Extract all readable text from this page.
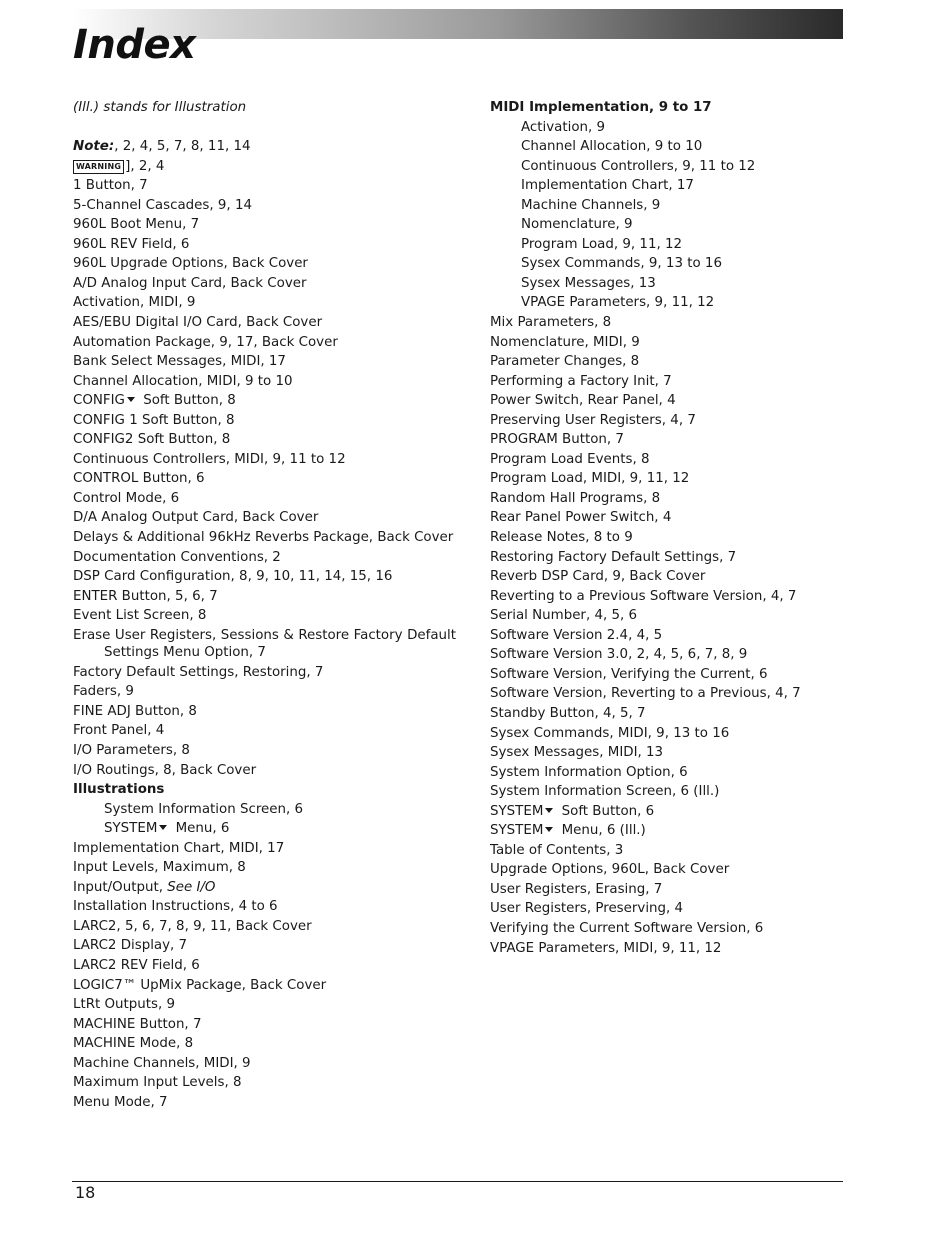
Index
(Ill.) stands for Illustration
Note:, 2, 4, 5, 7, 8, 11, 14
WARNING ], 2, 4
1 Button, 7
5-Channel Cascades, 9, 14
960L Boot Menu, 7
960L REV Field, 6
960L Upgrade Options, Back Cover
A/D Analog Input Card, Back Cover
Activation, MIDI, 9
AES/EBU Digital I/O Card, Back Cover
Automation Package, 9, 17, Back Cover
Bank Select Messages, MIDI, 17
Channel Allocation, MIDI, 9 to 10
CONFIG Soft Button, 8
CONFIG 1 Soft Button, 8
CONFIG2 Soft Button, 8
Continuous Controllers, MIDI, 9, 11 to 12
CONTROL Button, 6
Control Mode, 6
D/A Analog Output Card, Back Cover
Delays & Additional 96kHz Reverbs Package, Back Cover
Documentation Conventions, 2
DSP Card Configuration, 8, 9, 10, 11, 14, 15, 16
ENTER Button, 5, 6, 7
Event List Screen, 8
Erase User Registers, Sessions & Restore Factory Default Settings Menu Option, 7
Factory Default Settings, Restoring, 7
Faders, 9
FINE ADJ Button, 8
Front Panel, 4
I/O Parameters, 8
I/O Routings, 8, Back Cover
Illustrations
System Information Screen, 6
SYSTEM Menu, 6
Implementation Chart, MIDI, 17
Input Levels, Maximum, 8
Input/Output, See I/O
Installation Instructions, 4 to 6
LARC2, 5, 6, 7, 8, 9, 11, Back Cover
LARC2 Display, 7
LARC2 REV Field, 6
LOGIC7™ UpMix Package, Back Cover
LtRt Outputs, 9
MACHINE Button, 7
MACHINE Mode, 8
Machine Channels, MIDI, 9
Maximum Input Levels, 8
Menu Mode, 7
MIDI Implementation, 9 to 17
Activation, 9
Channel Allocation, 9 to 10
Continuous Controllers, 9, 11 to 12
Implementation Chart, 17
Machine Channels, 9
Nomenclature, 9
Program Load, 9, 11, 12
Sysex Commands, 9, 13 to 16
Sysex Messages, 13
VPAGE Parameters, 9, 11, 12
Mix Parameters, 8
Nomenclature, MIDI, 9
Parameter Changes, 8
Performing a Factory Init, 7
Power Switch, Rear Panel, 4
Preserving User Registers, 4, 7
PROGRAM Button, 7
Program Load Events, 8
Program Load, MIDI, 9, 11, 12
Random Hall Programs, 8
Rear Panel Power Switch, 4
Release Notes, 8 to 9
Restoring Factory Default Settings, 7
Reverb DSP Card, 9, Back Cover
Reverting to a Previous Software Version, 4, 7
Serial Number, 4, 5, 6
Software Version 2.4, 4, 5
Software Version 3.0, 2, 4, 5, 6, 7, 8, 9
Software Version, Verifying the Current, 6
Software Version, Reverting to a Previous, 4, 7
Standby Button, 4, 5, 7
Sysex Commands, MIDI, 9, 13 to 16
Sysex Messages, MIDI, 13
System Information Option, 6
System Information Screen, 6 (Ill.)
SYSTEM Soft Button, 6
SYSTEM Menu, 6 (Ill.)
Table of Contents, 3
Upgrade Options, 960L, Back Cover
User Registers, Erasing, 7
User Registers, Preserving, 4
Verifying the Current Software Version, 6
VPAGE Parameters, MIDI, 9, 11, 12
18
